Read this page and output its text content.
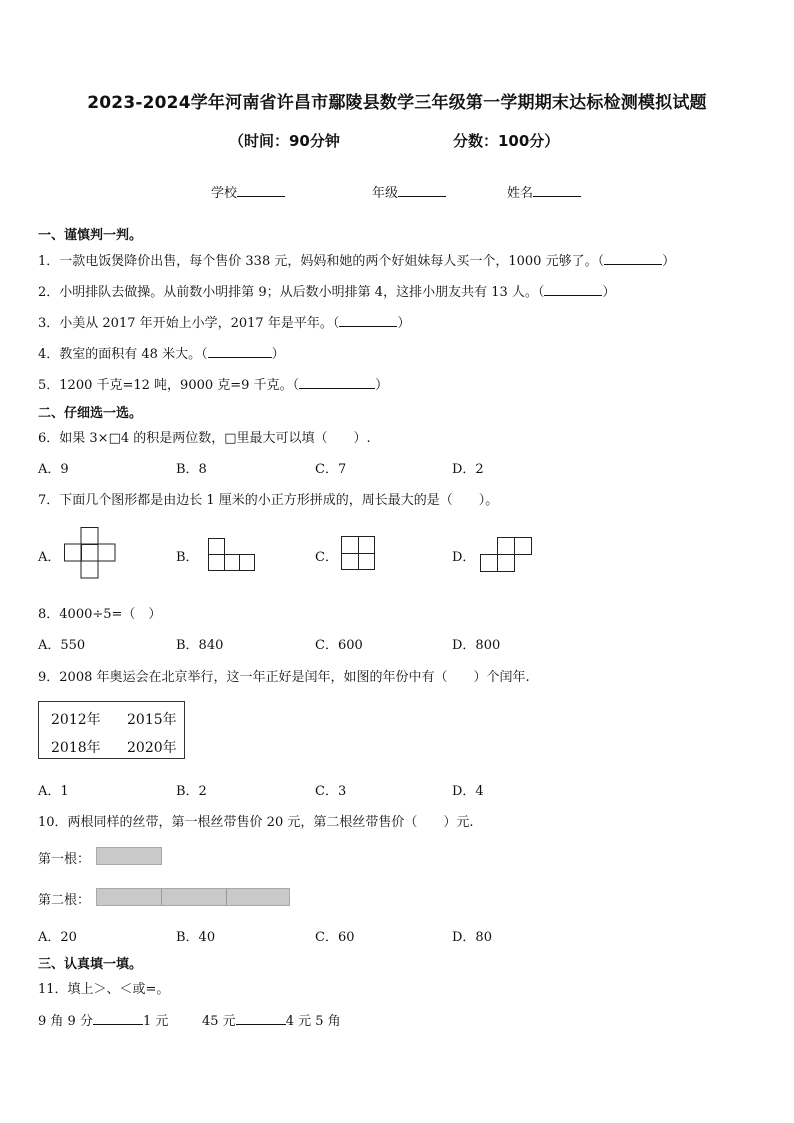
2023-2024学年河南省许昌市鄢陵县数学三年级第一学期期末达标检测模拟试题
（时间：90分钟	分数：100分）
学校	年级	姓名
一、谨慎判一判。
1．一款电饭煲降价出售，每个售价 338 元，妈妈和她的两个好姐妹每人买一个，1000 元够了。（	）
2．小明排队去做操。从前数小明排第 9；从后数小明排第 4，这排小朋友共有 13 人。（	）
3．小美从 2017 年开始上小学，2017 年是平年。（	）
4．教室的面积有 48 米大。（	）
5．1200 千克=12 吨，9000 克=9 千克。（	）
二、仔细选一选。
6．如果 3×□4 的积是两位数，□里最大可以填（　　）.
A．9	B．8	C．7	D．2
7．下面几个图形都是由边长 1 厘米的小正方形拼成的，周长最大的是（　　）。
A．	B．	C．	D．
8．4000÷5=（　）
A．550	B．840	C．600	D．800
9．2008 年奥运会在北京举行，这一年正好是闰年，如图的年份中有（　　）个闰年.
2012年 2015年
2018年 2020年
A．1	B．2	C．3	D．4
10．两根同样的丝带，第一根丝带售价 20 元，第二根丝带售价（　　）元.
第一根：
第二根：
A．20	B．40	C．60	D．80
三、认真填一填。
11．填上＞、＜或=。
9 角 9 分	1 元	45 元	4 元 5 角
